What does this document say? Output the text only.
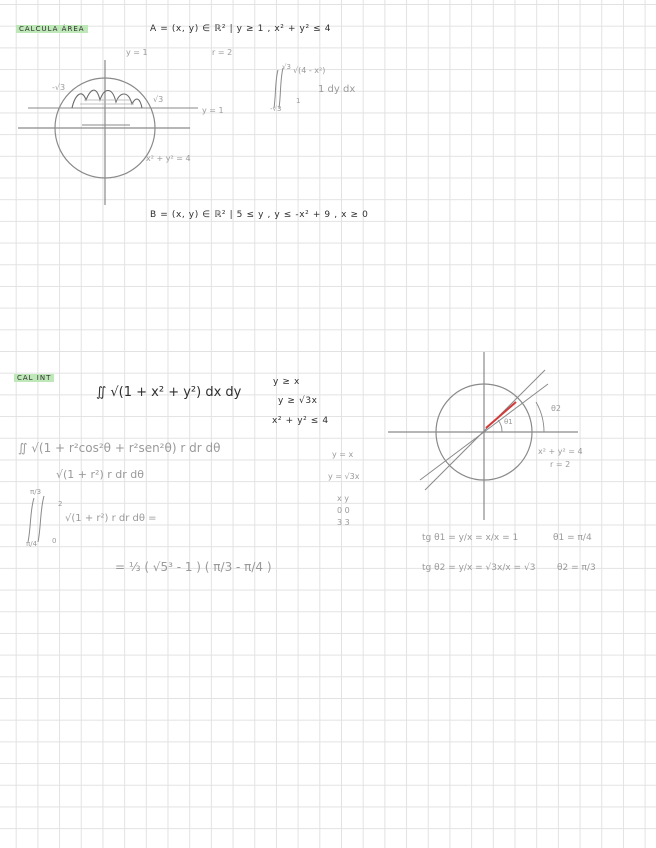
CALCULA ÁREA	A = (x, y) ∈ ℝ² | y ≥ 1 , x² + y² ≤ 4
y = 1	r = 2
-√3
√3
y = 1
x² + y² = 4
√3 √(4 - x²)
-√3
1
1 dy dx
B = (x, y) ∈ ℝ² | 5 ≤ y , y ≤ -x² + 9 , x ≥ 0
CAL INT
∬ √(1 + x² + y²) dx dy
y ≥ x
y ≥ √3x
x² + y² ≤ 4
∬ √(1 + r²cos²θ + r²sen²θ) r dr dθ
√(1 + r²) r dr dθ
π/3
π/4
2
0
√(1 + r²) r dr dθ =
= ⅓ ( √5³ - 1 ) ( π/3 - π/4 )
y = x
y = √3x
x y
0 0
3 3
θ1
θ2
x² + y² = 4
r = 2
tg θ1 = y/x = x/x = 1	θ1 = π/4
tg θ2 = y/x = √3x/x = √3 θ2 = π/3
